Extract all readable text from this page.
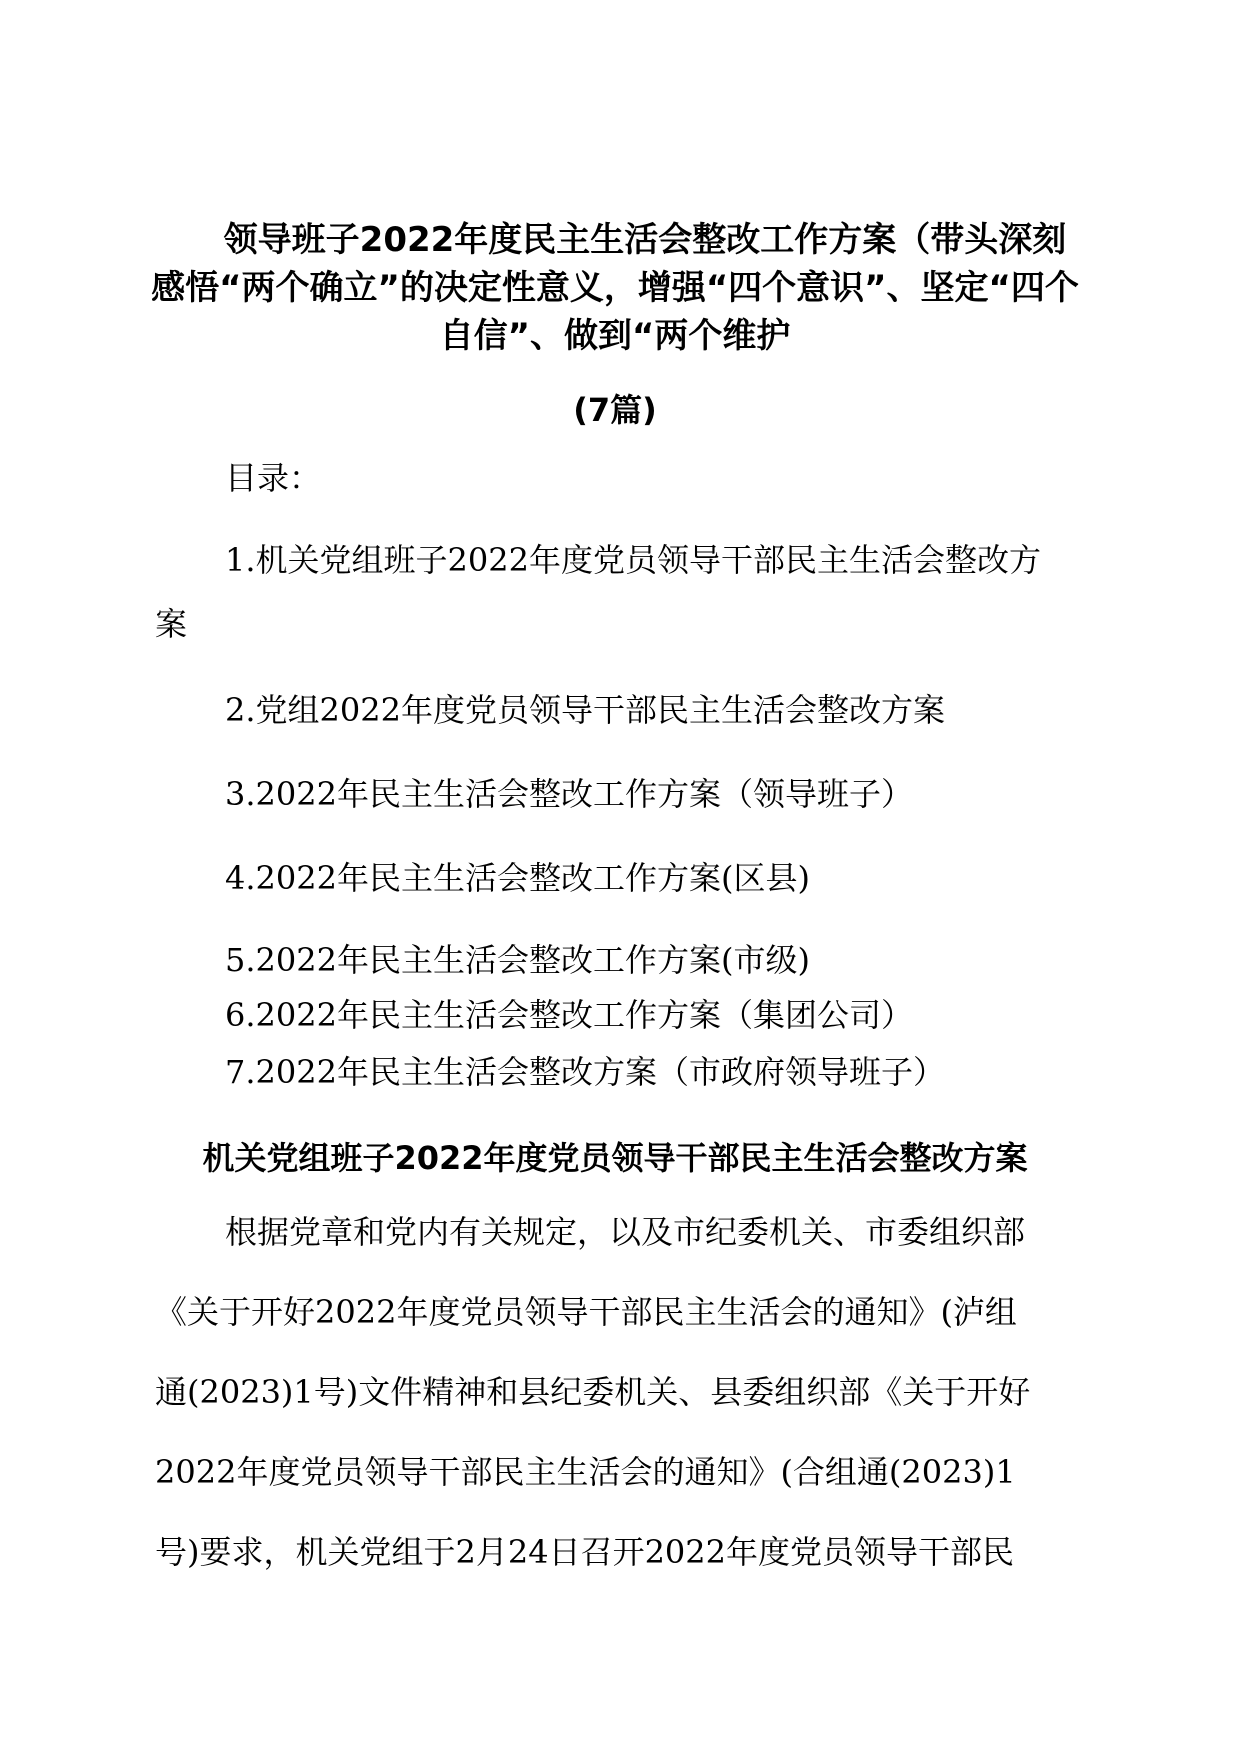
领导班子2022年度民主生活会整改工作方案（带头深刻感悟“两个确立”的决定性意义，增强“四个意识”、坚定“四个自信”、做到“两个维护
(7篇)
目录：
1.机关党组班子2022年度党员领导干部民主生活会整改方
案
2.党组2022年度党员领导干部民主生活会整改方案
3.2022年民主生活会整改工作方案（领导班子）
4.2022年民主生活会整改工作方案(区县)
5.2022年民主生活会整改工作方案(市级)
6.2022年民主生活会整改工作方案（集团公司）
7.2022年民主生活会整改方案（市政府领导班子）
机关党组班子2022年度党员领导干部民主生活会整改方案
根据党章和党内有关规定，以及市纪委机关、市委组织部
《关于开好2022年度党员领导干部民主生活会的通知》(泸组
通(2023)1号)文件精神和县纪委机关、县委组织部《关于开好
2022年度党员领导干部民主生活会的通知》(合组通(2023)1
号)要求，机关党组于2月24日召开2022年度党员领导干部民
